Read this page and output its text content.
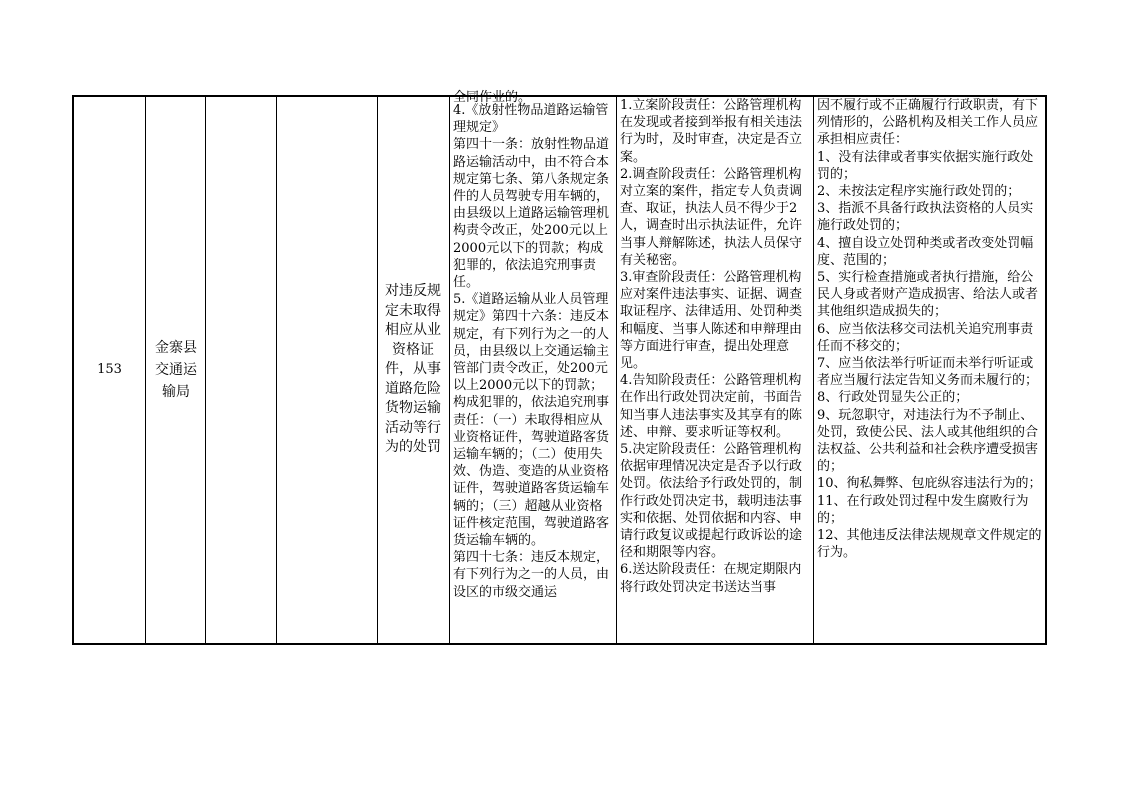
全同作业的。
153
金寨县交通运输局
对违反规定未取得相应从业资格证件，从事道路危险货物运输活动等行为的处罚

4.《放射性物品道路运输管理规定》

第四十一条：放射性物品道路运输活动中，由不符合本规定第七条、第八条规定条件的人员驾驶专用车辆的，由县级以上道路运输管理机构责令改正，处200元以上2000元以下的罚款；构成犯罪的，依法追究刑事责任。

5.《道路运输从业人员管理规定》第四十六条：违反本规定，有下列行为之一的人员，由县级以上交通运输主管部门责令改正，处200元以上2000元以下的罚款；构成犯罪的，依法追究刑事责任：（一）未取得相应从业资格证件，驾驶道路客货运输车辆的；（二）使用失效、伪造、变造的从业资格证件，驾驶道路客货运输车辆的；（三）超越从业资格证件核定范围，驾驶道路客货运输车辆的。

第四十七条：违反本规定，有下列行为之一的人员，由设区的市级交通运

1.立案阶段责任：公路管理机构在发现或者接到举报有相关违法行为时，及时审查，决定是否立案。

2.调查阶段责任：公路管理机构对立案的案件，指定专人负责调查、取证，执法人员不得少于2人，调查时出示执法证件，允许当事人辩解陈述，执法人员保守有关秘密。

3.审查阶段责任：公路管理机构应对案件违法事实、证据、调查取证程序、法律适用、处罚种类和幅度、当事人陈述和申辩理由等方面进行审查，提出处理意见。

4.告知阶段责任：公路管理机构在作出行政处罚决定前，书面告知当事人违法事实及其享有的陈述、申辩、要求听证等权利。

5.决定阶段责任：公路管理机构依据审理情况决定是否予以行政处罚。依法给予行政处罚的，制作行政处罚决定书，载明违法事实和依据、处罚依据和内容、申请行政复议或提起行政诉讼的途径和期限等内容。

6.送达阶段责任：在规定期限内将行政处罚决定书送达当事

因不履行或不正确履行行政职责，有下列情形的，公路机构及相关工作人员应承担相应责任：

1、没有法律或者事实依据实施行政处罚的；

2、未按法定程序实施行政处罚的；

3、指派不具备行政执法资格的人员实施行政处罚的；

4、擅自设立处罚种类或者改变处罚幅度、范围的；

5、实行检查措施或者执行措施，给公民人身或者财产造成损害、给法人或者其他组织造成损失的；

6、应当依法移交司法机关追究刑事责任而不移交的；

7、应当依法举行听证而未举行听证或者应当履行法定告知义务而未履行的；

8、行政处罚显失公正的；

9、玩忽职守，对违法行为不予制止、处罚，致使公民、法人或其他组织的合法权益、公共利益和社会秩序遭受损害的；

10、徇私舞弊、包庇纵容违法行为的；

11、在行政处罚过程中发生腐败行为的；

12、其他违反法律法规规章文件规定的行为。
